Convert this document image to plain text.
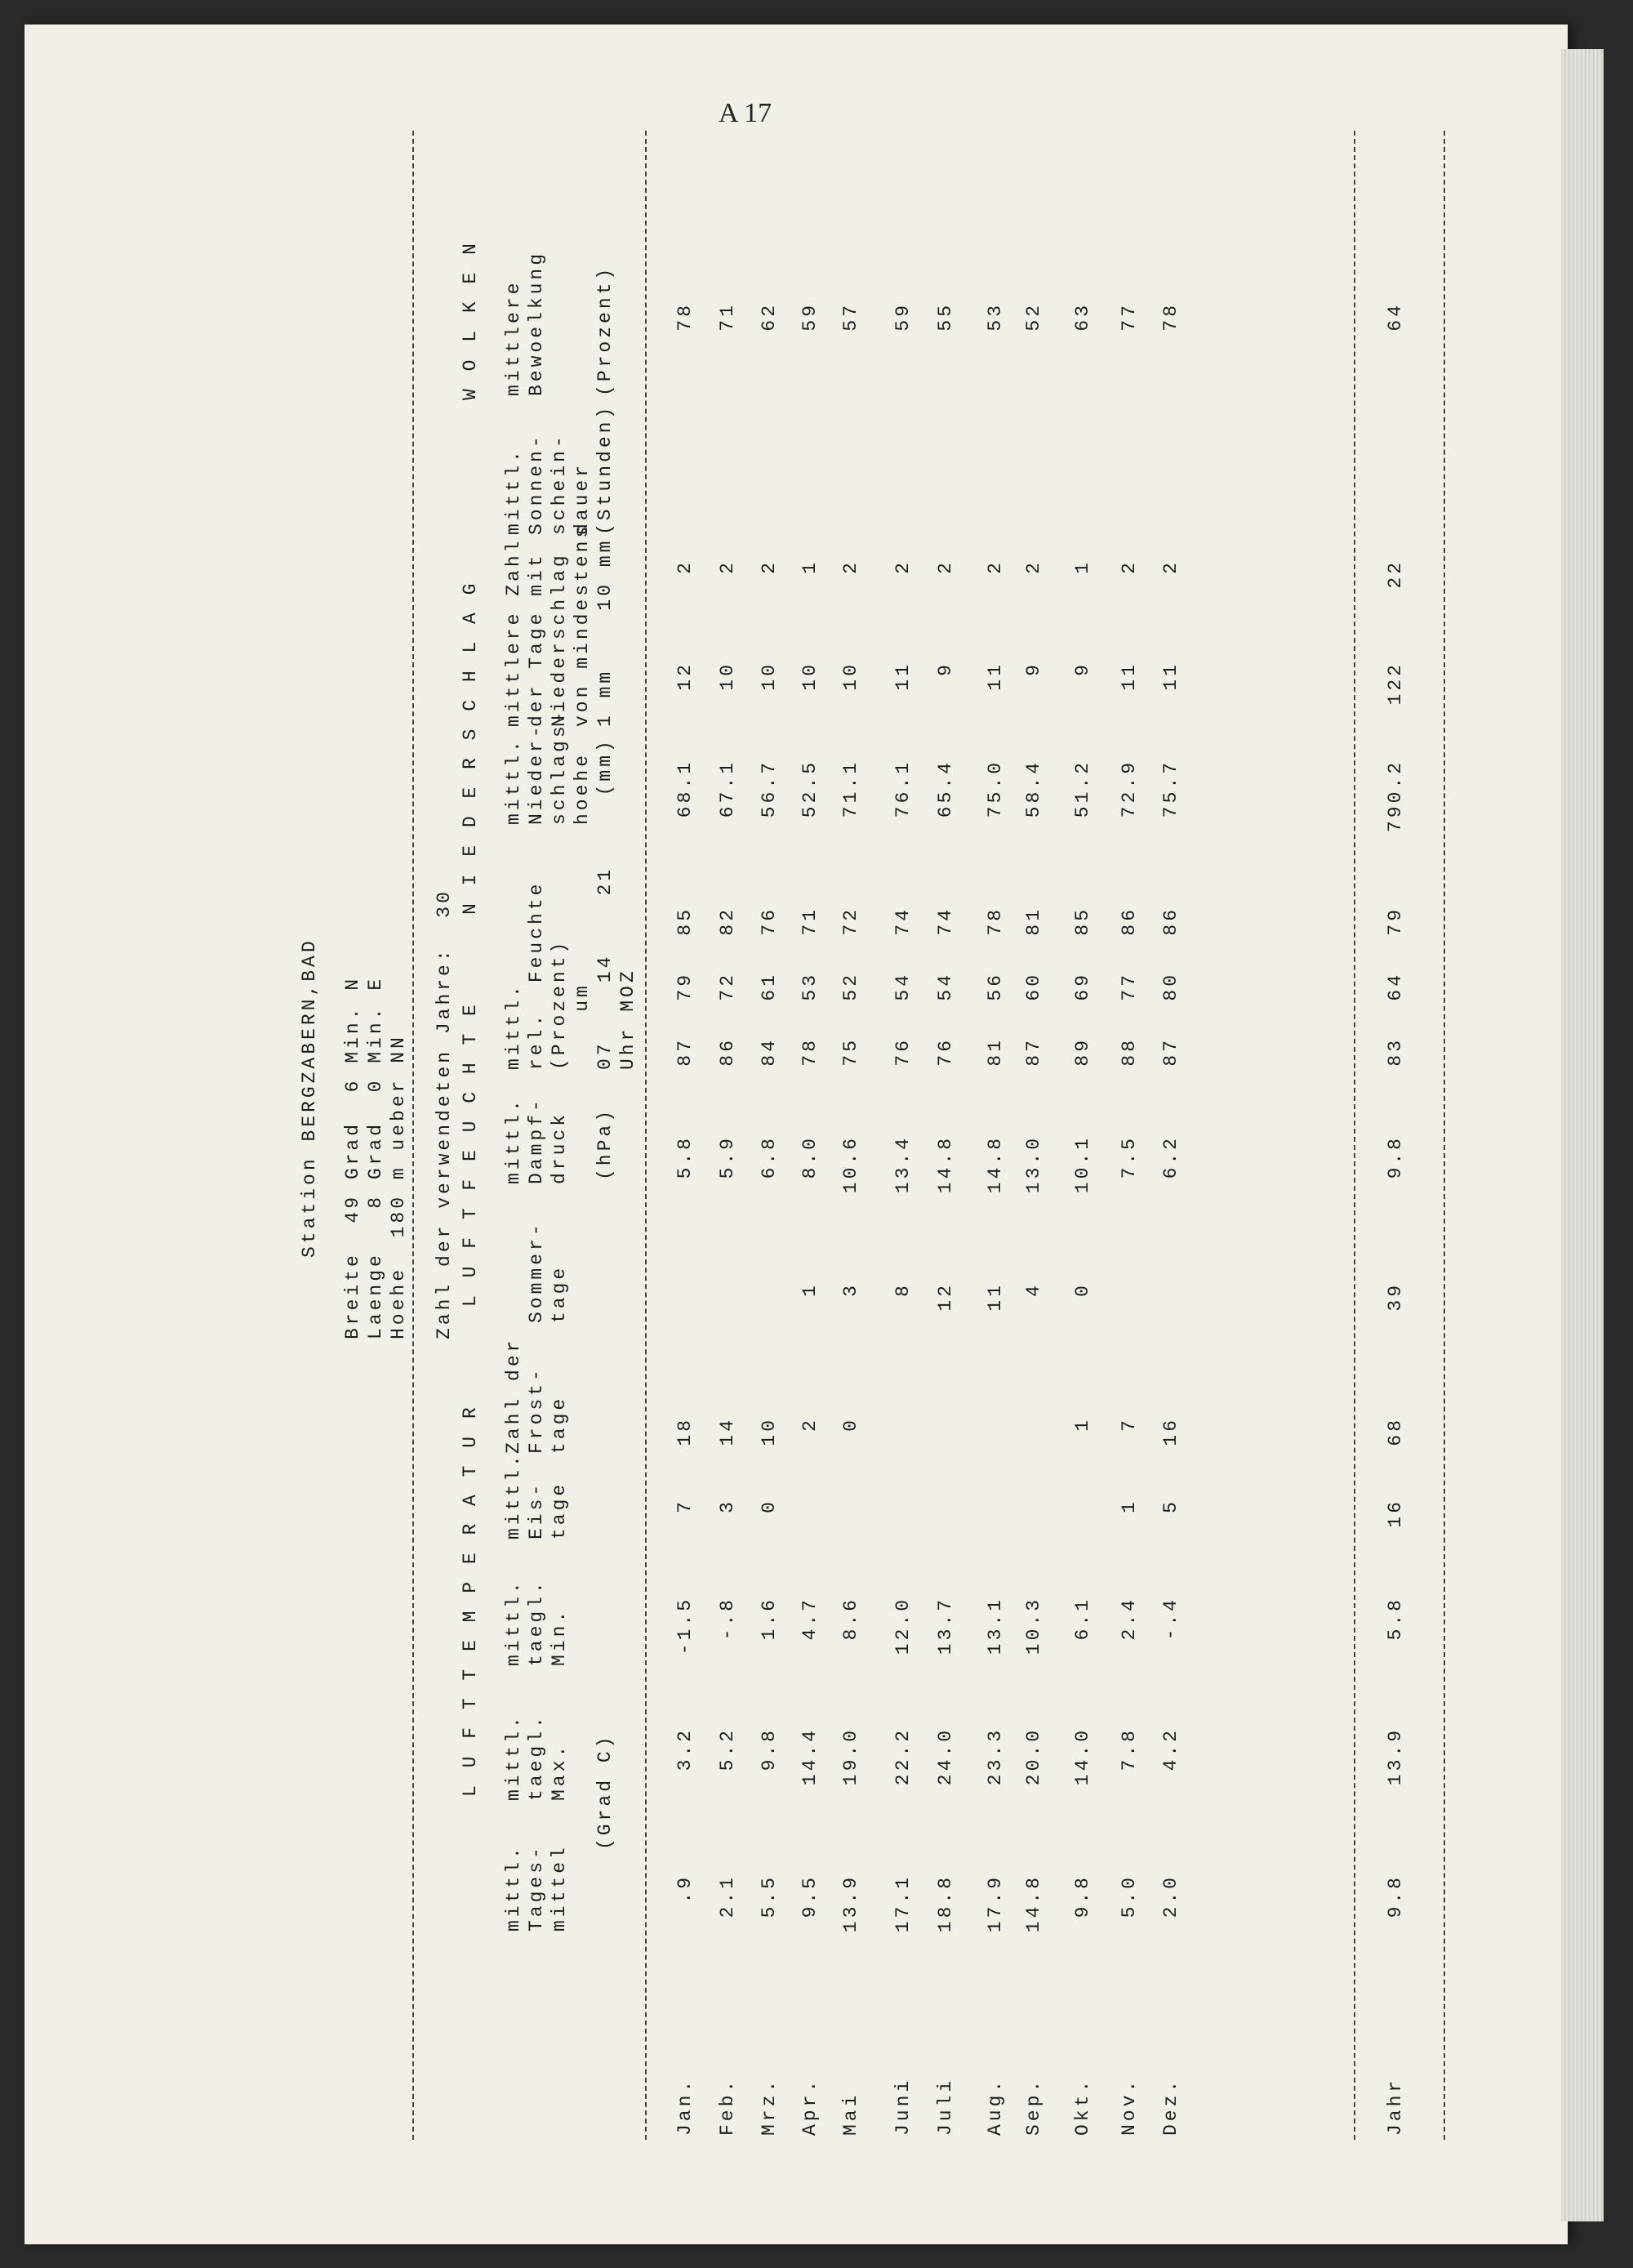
A 17
Station BERGZABERN,BAD Breite  49 Grad  6 Min. N Laenge   8 Grad  0 Min. E Hoehe  180 m ueber NN Zahl der verwendeten Jahre:  30
L U F T T E M P E R A T U R
L U F T F E U C H T E
N I E D E R S C H L A G
W O L K E N
mittl.
Tages-
mittel
mittl.
taegl.
Max.
mittl.
taegl.
Min.
(Grad C)
mittl.
Eis-
tage
Zahl der
Frost-
tage
Sommer-
tage
mittl.
Dampf-
druck (hPa)
mittl.
rel.  Feuchte
(Prozent)
um
07    14    21
Uhr MOZ
mittl.
Nieder-
schlags-
hoehe
(mm)
mittlere Zahl
der Tage mit
Niederschlag
von mindestens
1 mm    10 mm
mittl.
Sonnen-
schein-
dauer
(Stunden)
mittlere
Bewoelkung

(Prozent)
Jan.
.9
3.2
-1.5
7
18
5.8
87
79
85
68.1
12
2
78
Feb.
2.1
5.2
-.8
3
14
5.9
86
72
82
67.1
10
2
71
Mrz.
5.5
9.8
1.6
0
10
6.8
84
61
76
56.7
10
2
62
Apr.
9.5
14.4
4.7
2
1
8.0
78
53
71
52.5
10
1
59
Mai
13.9
19.0
8.6
0
3
10.6
75
52
72
71.1
10
2
57
Juni
17.1
22.2
12.0
8
13.4
76
54
74
76.1
11
2
59
Juli
18.8
24.0
13.7
12
14.8
76
54
74
65.4
9
2
55
Aug.
17.9
23.3
13.1
11
14.8
81
56
78
75.0
11
2
53
Sep.
14.8
20.0
10.3
4
13.0
87
60
81
58.4
9
2
52
Okt.
9.8
14.0
6.1
1
0
10.1
89
69
85
51.2
9
1
63
Nov.
5.0
7.8
2.4
1
7
7.5
88
77
86
72.9
11
2
77
Dez.
2.0
4.2
-.4
5
16
6.2
87
80
86
75.7
11
2
78
Jahr
9.8
13.9
5.8
16
68
39
9.8
83
64
79
790.2
122
22
64
